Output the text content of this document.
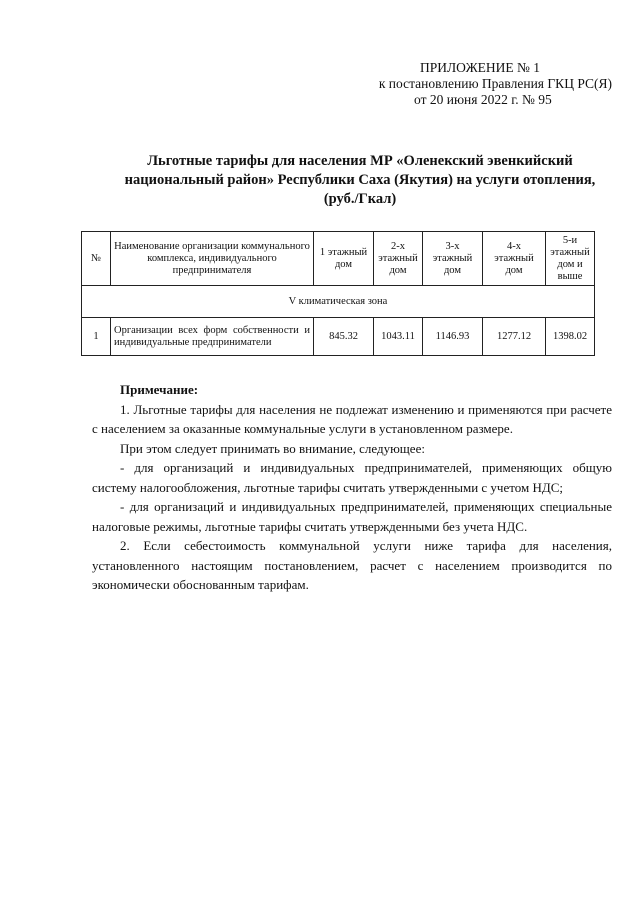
ПРИЛОЖЕНИЕ № 1
к постановлению Правления ГКЦ РС(Я)
от 20 июня 2022 г. № 95
Льготные тарифы для населения МР «Оленекский эвенкийский
национальный район» Республики Саха (Якутия) на услуги отопления,
(руб./Гкал)
№	Наименование организации коммунального комплекса, индивидуального предпринимателя	1 этажный дом	2-х этажный дом	3-х этажный дом	4-х этажный дом	5-и этажный дом и выше
V климатическая зона						
1	Организации всех форм собственности и индивидуальные предприниматели	845.32	1043.11	1146.93	1277.12	1398.02

Примечание:

1. Льготные тарифы для населения не подлежат изменению и применяются при расчете с населением за оказанные коммунальные услуги в установленном размере.

При этом следует принимать во внимание, следующее:

- для организаций и индивидуальных предпринимателей, применяющих общую систему налогообложения, льготные тарифы считать утвержденными с учетом НДС;

- для организаций и индивидуальных предпринимателей, применяющих специальные налоговые режимы, льготные тарифы считать утвержденными без учета НДС.

2. Если себестоимость коммунальной услуги ниже тарифа для населения, установленного настоящим постановлением, расчет с населением производится по экономически обоснованным тарифам.
